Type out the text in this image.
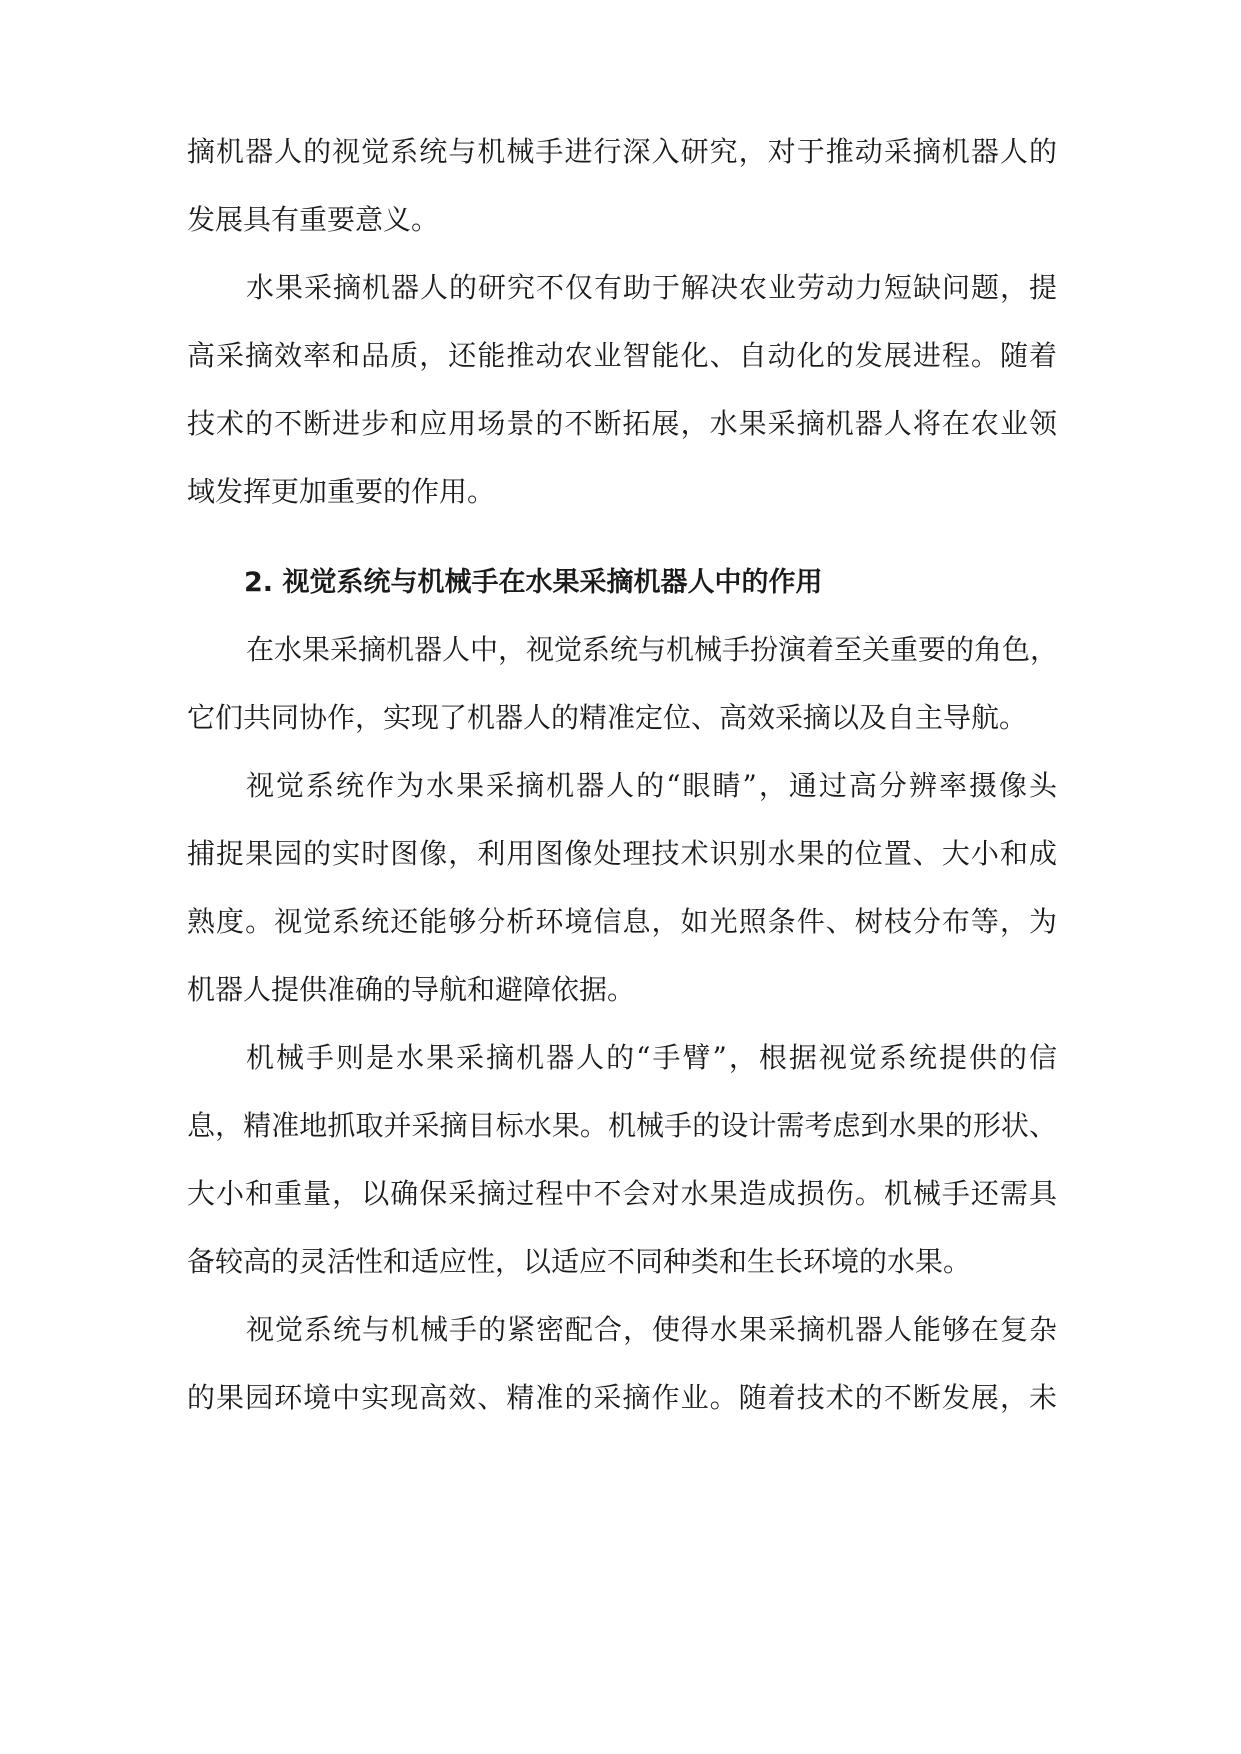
摘机器人的视觉系统与机械手进行深入研究，对于推动采摘机器人的
发展具有重要意义。
水果采摘机器人的研究不仅有助于解决农业劳动力短缺问题，提
高采摘效率和品质，还能推动农业智能化、自动化的发展进程。随着
技术的不断进步和应用场景的不断拓展，水果采摘机器人将在农业领
域发挥更加重要的作用。
2. 视觉系统与机械手在水果采摘机器人中的作用
在水果采摘机器人中，视觉系统与机械手扮演着至关重要的角色，
它们共同协作，实现了机器人的精准定位、高效采摘以及自主导航。
视觉系统作为水果采摘机器人的“眼睛”，通过高分辨率摄像头
捕捉果园的实时图像，利用图像处理技术识别水果的位置、大小和成
熟度。视觉系统还能够分析环境信息，如光照条件、树枝分布等，为
机器人提供准确的导航和避障依据。
机械手则是水果采摘机器人的“手臂”，根据视觉系统提供的信
息，精准地抓取并采摘目标水果。机械手的设计需考虑到水果的形状、
大小和重量，以确保采摘过程中不会对水果造成损伤。机械手还需具
备较高的灵活性和适应性，以适应不同种类和生长环境的水果。
视觉系统与机械手的紧密配合，使得水果采摘机器人能够在复杂
的果园环境中实现高效、精准的采摘作业。随着技术的不断发展，未
